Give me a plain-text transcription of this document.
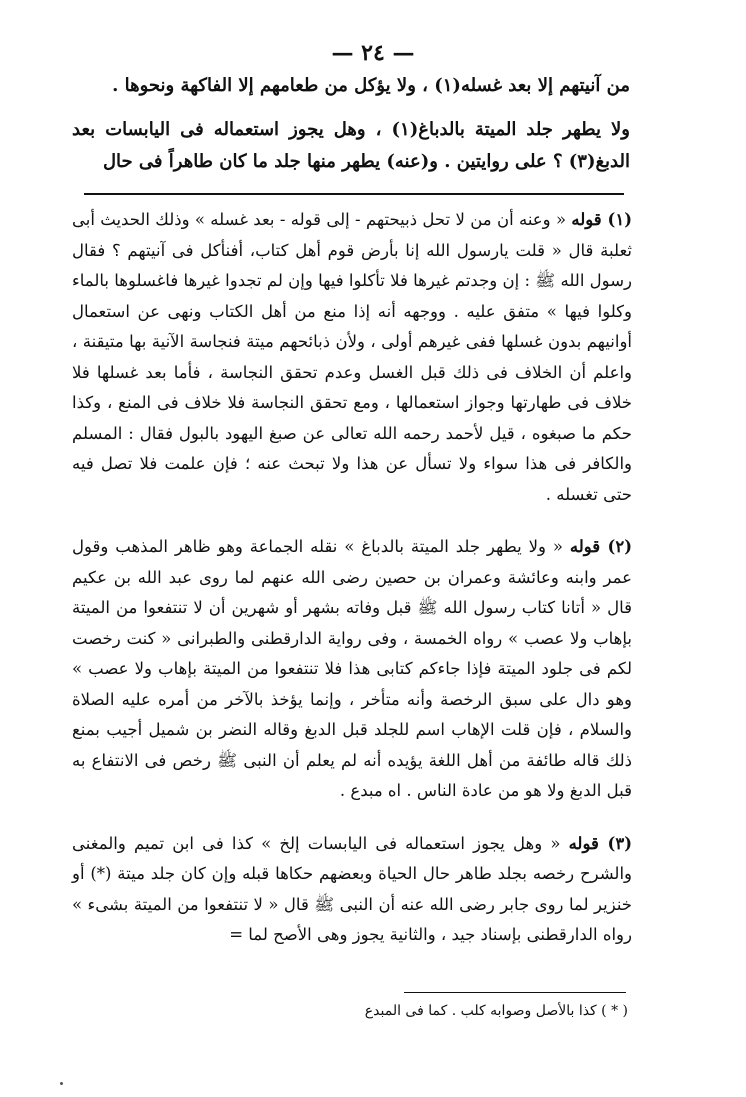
— ٢٤ —

من آنيتهم إلا بعد غسله(١) ، ولا يؤكل من طعامهم إلا الفاكهة ونحوها .

ولا يطهر جلد الميتة بالدباغ(١) ، وهل يجوز استعماله فى اليابسات بعد الدبغ(٣) ؟ على روايتين . و(عنه) يطهر منها جلد ما كان طاهراً فى حال

(١) قوله « وعنه أن من لا تحل ذبيحتهم - إلى قوله - بعد غسله » وذلك الحديث أبى ثعلبة قال « قلت يارسول الله إنا بأرض قوم أهل كتاب، أفنأكل فى آنيتهم ؟ فقال رسول الله ﷺ : إن وجدتم غيرها فلا تأكلوا فيها وإن لم تجدوا غيرها فاغسلوها بالماء وكلوا فيها » متفق عليه . ووجهه أنه إذا منع من أهل الكتاب ونهى عن استعمال أوانيهم بدون غسلها ففى غيرهم أولى ، ولأن ذبائحهم ميتة فنجاسة الآنية بها متيقنة ، واعلم أن الخلاف فى ذلك قبل الغسل وعدم تحقق النجاسة ، فأما بعد غسلها فلا خلاف فى طهارتها وجواز استعمالها ، ومع تحقق النجاسة فلا خلاف فى المنع ، وكذا حكم ما صبغوه ، قيل لأحمد رحمه الله تعالى عن صبغ اليهود بالبول فقال : المسلم والكافر فى هذا سواء ولا تسأل عن هذا ولا تبحث عنه ؛ فإن علمت فلا تصل فيه حتى تغسله .

(٢) قوله « ولا يطهر جلد الميتة بالدباغ » نقله الجماعة وهو ظاهر المذهب وقول عمر وابنه وعائشة وعمران بن حصين رضى الله عنهم لما روى عبد الله بن عكيم قال « أتانا كتاب رسول الله ﷺ قبل وفاته بشهر أو شهرين أن لا تنتفعوا من الميتة بإهاب ولا عصب » رواه الخمسة ، وفى رواية الدارقطنى والطبرانى « كنت رخصت لكم فى جلود الميتة فإذا جاءكم كتابى هذا فلا تنتفعوا من الميتة بإهاب ولا عصب » وهو دال على سبق الرخصة وأنه متأخر ، وإنما يؤخذ بالآخر من أمره عليه الصلاة والسلام ، فإن قلت الإهاب اسم للجلد قبل الدبغ وقاله النضر بن شميل أجيب بمنع ذلك قاله طائفة من أهل اللغة يؤيده أنه لم يعلم أن النبى ﷺ رخص فى الانتفاع به قبل الدبغ ولا هو من عادة الناس . اه مبدع .

(٣) قوله « وهل يجوز استعماله فى اليابسات إلخ » كذا فى ابن تميم والمغنى والشرح رخصه بجلد طاهر حال الحياة وبعضهم حكاها قبله وإن كان جلد ميتة (*) أو خنزير لما روى جابر رضى الله عنه أن النبى ﷺ قال « لا تنتفعوا من الميتة بشىء » رواه الدارقطنى بإسناد جيد ، والثانية يجوز وهى الأصح لما =

( * ) كذا بالأصل وصوابه كلب . كما فى المبدع
